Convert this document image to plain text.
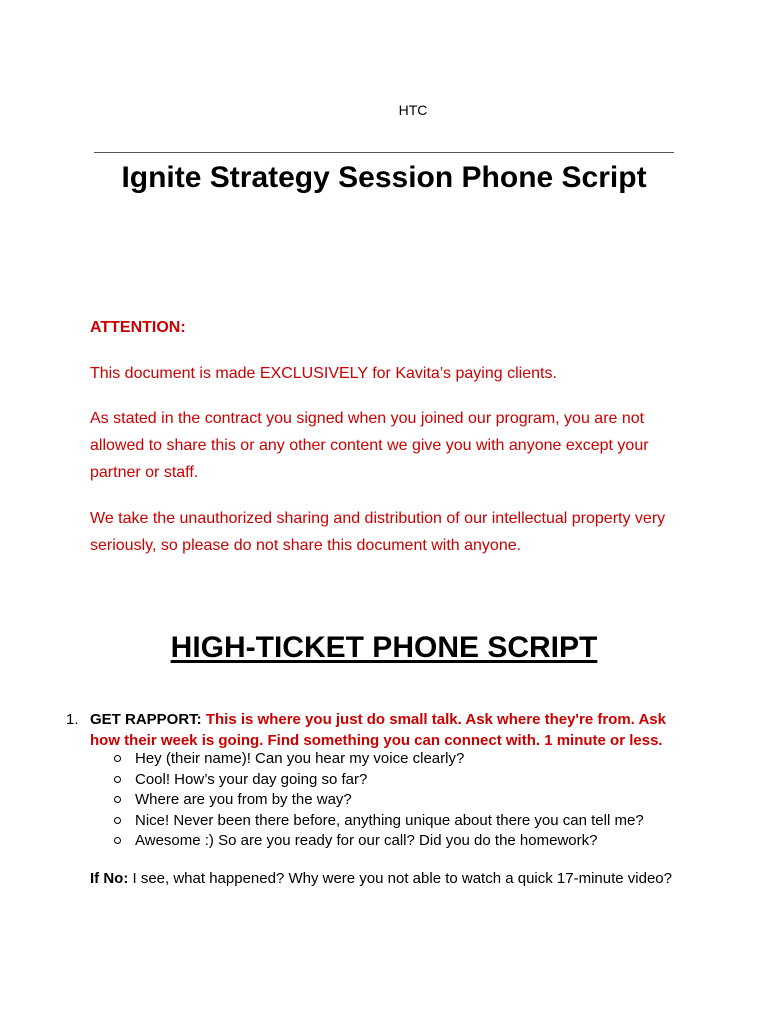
HTC
Ignite Strategy Session Phone Script

ATTENTION:

This document is made EXCLUSIVELY for Kavita’s paying clients.

As stated in the contract you signed when you joined our program, you are not allowed to share this or any other content we give you with anyone except your partner or staff.

We take the unauthorized sharing and distribution of our intellectual property very seriously, so please do not share this document with anyone.

HIGH-TICKET PHONE SCRIPT
1. GET RAPPORT: This is where you just do small talk. Ask where they're from. Ask how their week is going. Find something you can connect with. 1 minute or less.
Hey (their name)! Can you hear my voice clearly?
Cool! How’s your day going so far?
Where are you from by the way?
Nice! Never been there before, anything unique about there you can tell me?
Awesome :) So are you ready for our call? Did you do the homework?
If No: I see, what happened? Why were you not able to watch a quick 17-minute video?
